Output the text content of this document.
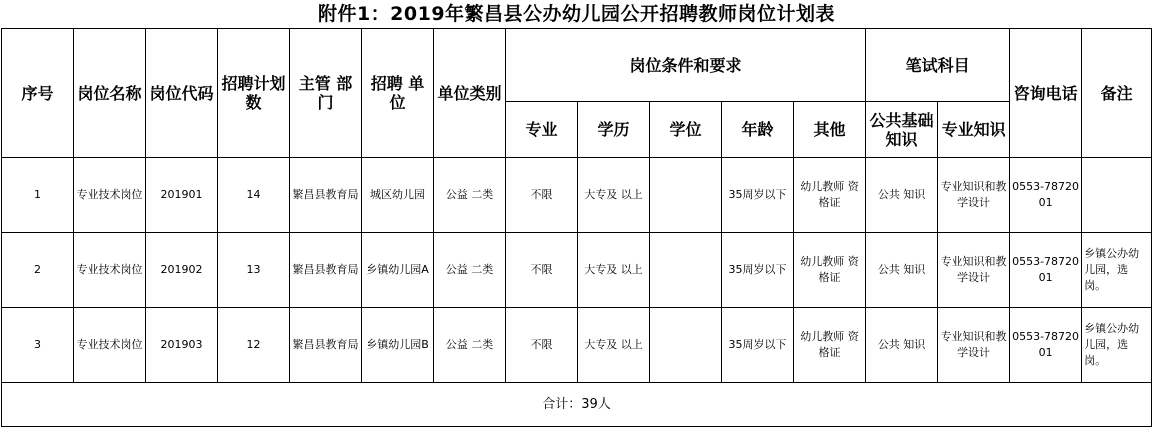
附件1：2019年繁昌县公办幼儿园公开招聘教师岗位计划表
序号	岗位名称	岗位代码	招聘计划数	主管 部门	招聘 单位	单位类别	岗位条件和要求					笔试科目		咨询电话	备注
							专业	学历	学位	年龄	其他	公共基础知识	专业知识		
1	专业技术岗位	201901	14	繁昌县教育局	城区幼儿园	公益 二类	不限	大专及 以上		35周岁以下	幼儿教师 资格证	公共 知识	专业知识和教学设计	0553-7872001	
2	专业技术岗位	201902	13	繁昌县教育局	乡镇幼儿园A	公益 二类	不限	大专及 以上		35周岁以下	幼儿教师 资格证	公共 知识	专业知识和教学设计	0553-7872001	乡镇公办幼儿园，选岗。
3	专业技术岗位	201903	12	繁昌县教育局	乡镇幼儿园B	公益 二类	不限	大专及 以上		35周岁以下	幼儿教师 资格证	公共 知识	专业知识和教学设计	0553-7872001	乡镇公办幼儿园，选岗。
合计：39人															
